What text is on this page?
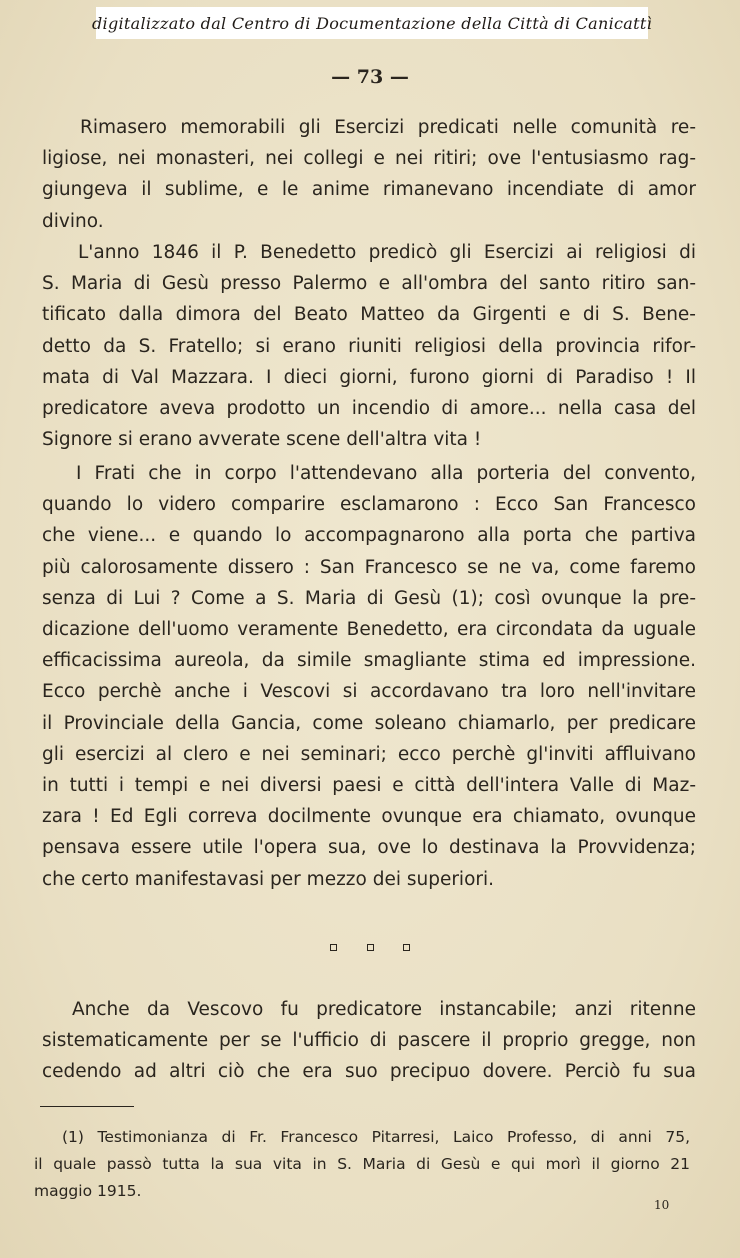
digitalizzato dal Centro di Documentazione della Città di Canicattì
— 73 —

Rimasero memorabili gli Esercizi predicati nelle comunità re-
ligiose, nei monasteri, nei collegi e nei ritiri; ove l'entusiasmo rag-
giungeva il sublime, e le anime rimanevano incendiate di amor
divino.

L'anno 1846 il P. Benedetto predicò gli Esercizi ai religiosi di
S. Maria di Gesù presso Palermo e all'ombra del santo ritiro san-
tificato dalla dimora del Beato Matteo da Girgenti e di S. Bene-
detto da S. Fratello; si erano riuniti religiosi della provincia rifor-
mata di Val Mazzara. I dieci giorni, furono giorni di Paradiso ! Il
predicatore aveva prodotto un incendio di amore... nella casa del
Signore si erano avverate scene dell'altra vita !

I Frati che in corpo l'attendevano alla porteria del convento,
quando lo videro comparire esclamarono : Ecco San Francesco
che viene... e quando lo accompagnarono alla porta che partiva
più calorosamente dissero : San Francesco se ne va, come faremo
senza di Lui ? Come a S. Maria di Gesù (1); così ovunque la pre-
dicazione dell'uomo veramente Benedetto, era circondata da uguale
efficacissima aureola, da simile smagliante stima ed impressione.
Ecco perchè anche i Vescovi si accordavano tra loro nell'invitare
il Provinciale della Gancia, come soleano chiamarlo, per predicare
gli esercizi al clero e nei seminari; ecco perchè gl'inviti affluivano
in tutti i tempi e nei diversi paesi e città dell'intera Valle di Maz-
zara ! Ed Egli correva docilmente ovunque era chiamato, ovunque
pensava essere utile l'opera sua, ove lo destinava la Provvidenza;
che certo manifestavasi per mezzo dei superiori.

Anche da Vescovo fu predicatore instancabile; anzi ritenne
sistematicamente per se l'ufficio di pascere il proprio gregge, non
cedendo ad altri ciò che era suo precipuo dovere. Perciò fu sua

(1) Testimonianza di Fr. Francesco Pitarresi, Laico Professo, di anni 75,
il quale passò tutta la sua vita in S. Maria di Gesù e qui morì il giorno 21
maggio 1915.

10
